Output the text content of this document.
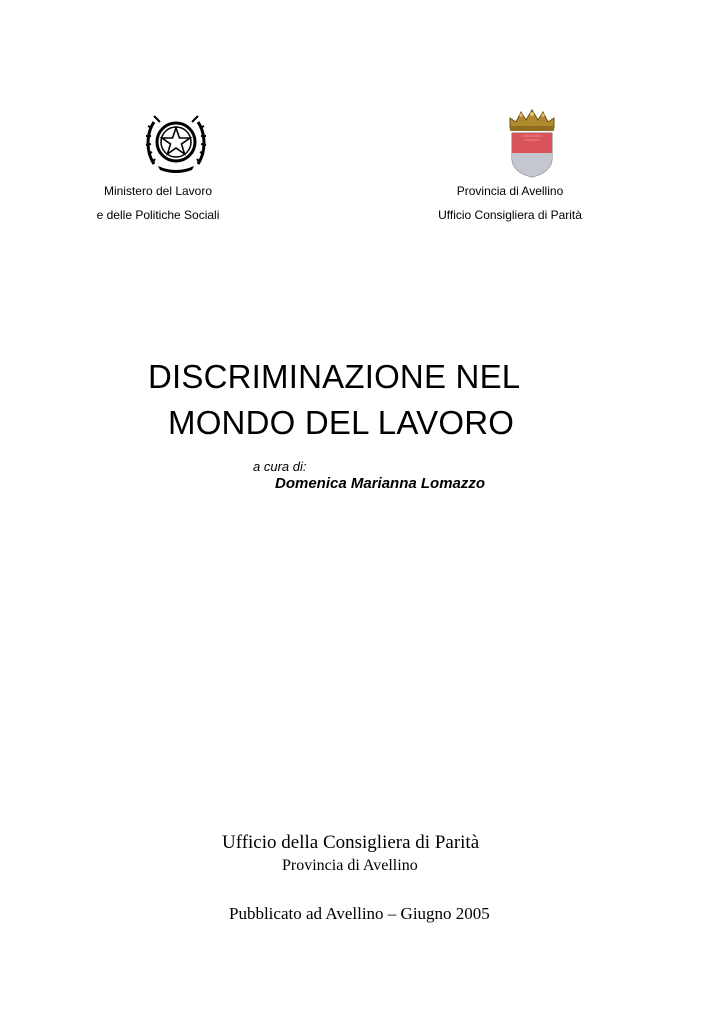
Ministero del Lavoro
e delle Politiche Sociali
Provincia di Avellino
Ufficio Consigliera di Parità
DISCRIMINAZIONE NEL
MONDO DEL LAVORO
a cura di:
Domenica Marianna Lomazzo
Ufficio della Consigliera di Parità
Provincia di Avellino
Pubblicato ad Avellino – Giugno 2005
